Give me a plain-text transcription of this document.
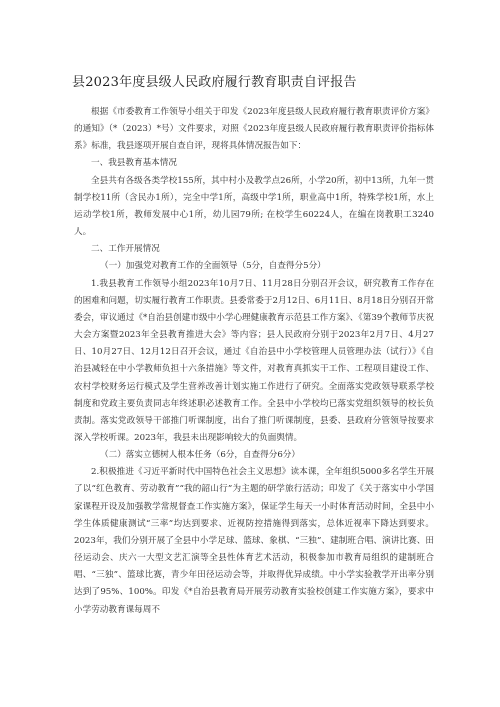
县2023年度县级人民政府履行教育职责自评报告

根据《市委教育工作领导小组关于印发《2023年度县级人民政府履行教育职责评价方案》的通知》（*（2023）*号）文件要求，对照《2023年度县级人民政府履行教育职责评价指标体系》标准，我县逐项开展自查自评，现将具体情况报告如下：

一、我县教育基本情况

全县共有各级各类学校155所，其中村小及教学点26所，小学20所，初中13所，九年一贯制学校11所（含民办1所），完全中学1所，高级中学1所，职业高中1所，特殊学校1所，水上运动学校1所，教师发展中心1所，幼儿园79所; 在校学生60224人，在编在岗教职工3240人。

二、工作开展情况

（一）加强党对教育工作的全面领导（5分，自查得分5分）

1.我县教育工作领导小组2023年10月7日、11月28日分别召开会议，研究教育工作存在的困难和问题，切实履行教育工作职责。县委常委于2月12日、6月11日、8月18日分别召开常委会，审议通过《*自治县创建市级中小学心理健康教育示范县工作方案》、《第39个教师节庆祝大会方案暨2023年全县教育推进大会》等内容；县人民政府分别于2023年2月7日、4月27日、10月27日、12月12日召开会议，通过《自治县中小学校管理人员管理办法（试行）》《自治县减轻在中小学教师负担十六条措施》等文件，对教育真抓实干工作、工程项目建设工作、农村学校财务运行模式及学生营养改善计划实施工作进行了研究。全面落实党政领导联系学校制度和党政主要负责同志年终述职必述教育工作。全县中小学校均已落实党组织领导的校长负责制。落实党政领导干部推门听课制度，出台了推门听课制度，县委、县政府分管领导按要求深入学校听课。2023年，我县未出现影响较大的负面舆情。

（二）落实立德树人根本任务（6分，自查得分6分）

2.积极推进《习近平新时代中国特色社会主义思想》读本课，全年组织5000多名学生开展了以“红色教育、劳动教育”“我的韶山行”为主题的研学旅行活动；印发了《关于落实中小学国家课程开设及加强教学常规督查工作实施方案》，保证学生每天一小时体育活动时间，全县中小学生体质健康测试“三率”均达到要求、近视防控措施得到落实，总体近视率下降达到要求。2023年，我们分别开展了全县中小学足球、篮球、象棋、“三独”、建制班合唱、演讲比赛、田径运动会、庆六一大型文艺汇演等全县性体育艺术活动，积极参加市教育局组织的建制班合唱、“三独”、篮球比赛，青少年田径运动会等，并取得优异成绩。中小学实验教学开出率分别达到了95%、100%。印发《*自治县教育局开展劳动教育实验校创建工作实施方案》，要求中小学劳动教育课每周不
